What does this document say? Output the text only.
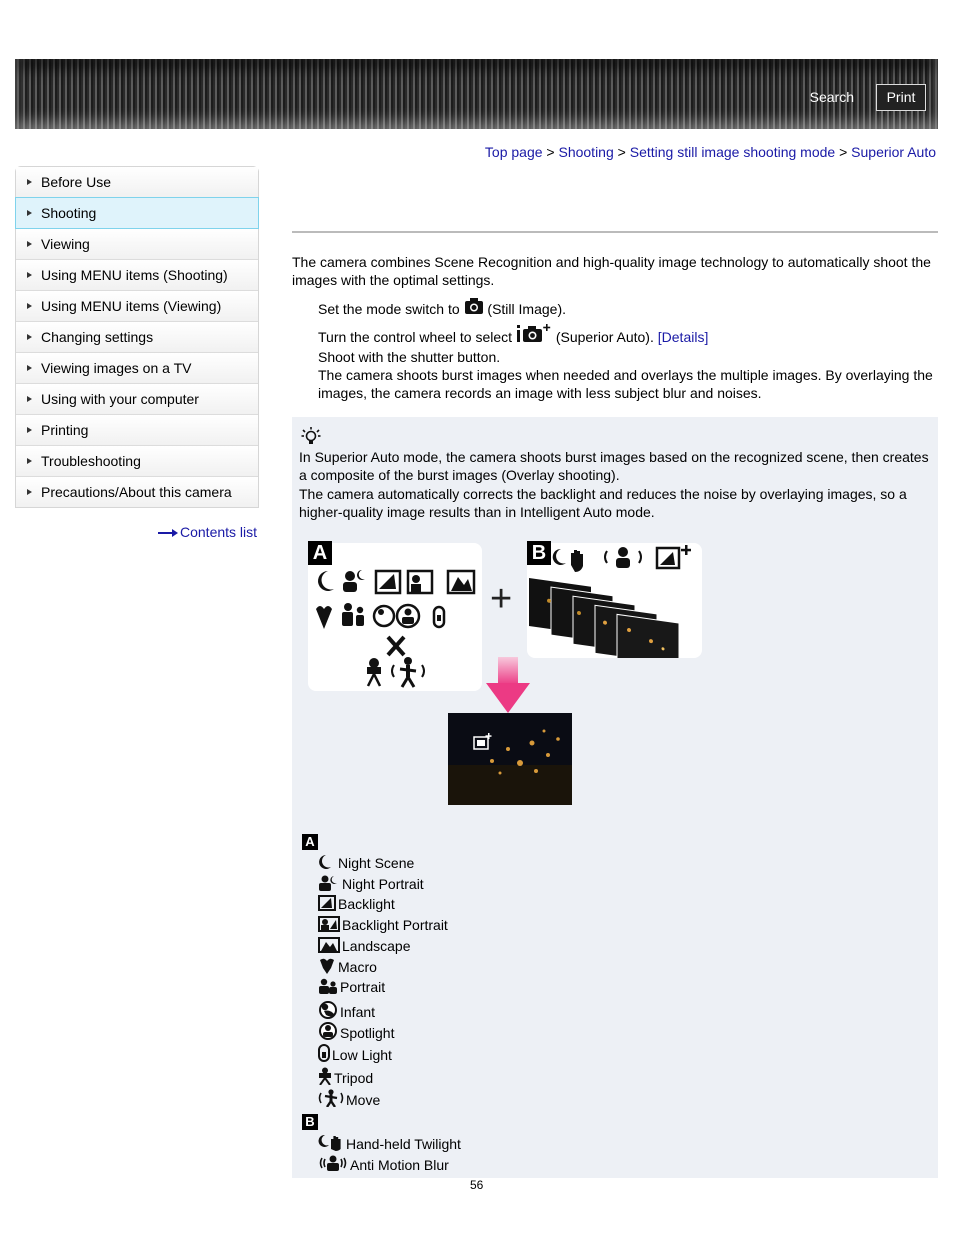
Search	Print
Top page > Shooting > Setting still image shooting mode > Superior Auto
Before Use
Shooting
Viewing
Using MENU items (Shooting)
Using MENU items (Viewing)
Changing settings
Viewing images on a TV
Using with your computer
Printing
Troubleshooting
Precautions/About this camera
Contents list
The camera combines Scene Recognition and high-quality image technology to automatically shoot the images with the optimal settings.
Set the mode switch to (Still Image).
Turn the control wheel to select	(Superior Auto). [Details]
Shoot with the shutter button.
The camera shoots burst images when needed and overlays the multiple images. By overlaying the images, the camera records an image with less subject blur and noises.
In Superior Auto mode, the camera shoots burst images based on the recognized scene, then creates a composite of the burst images (Overlay shooting).
The camera automatically corrects the backlight and reduces the noise by overlaying images, so a higher-quality image results than in Intelligent Auto mode.
A
+
B
A
Night Scene
Night Portrait
Backlight
Backlight Portrait
Landscape
Macro
Portrait
Infant
Spotlight
Low Light
Tripod
Move
B
Hand-held Twilight
Anti Motion Blur
56
